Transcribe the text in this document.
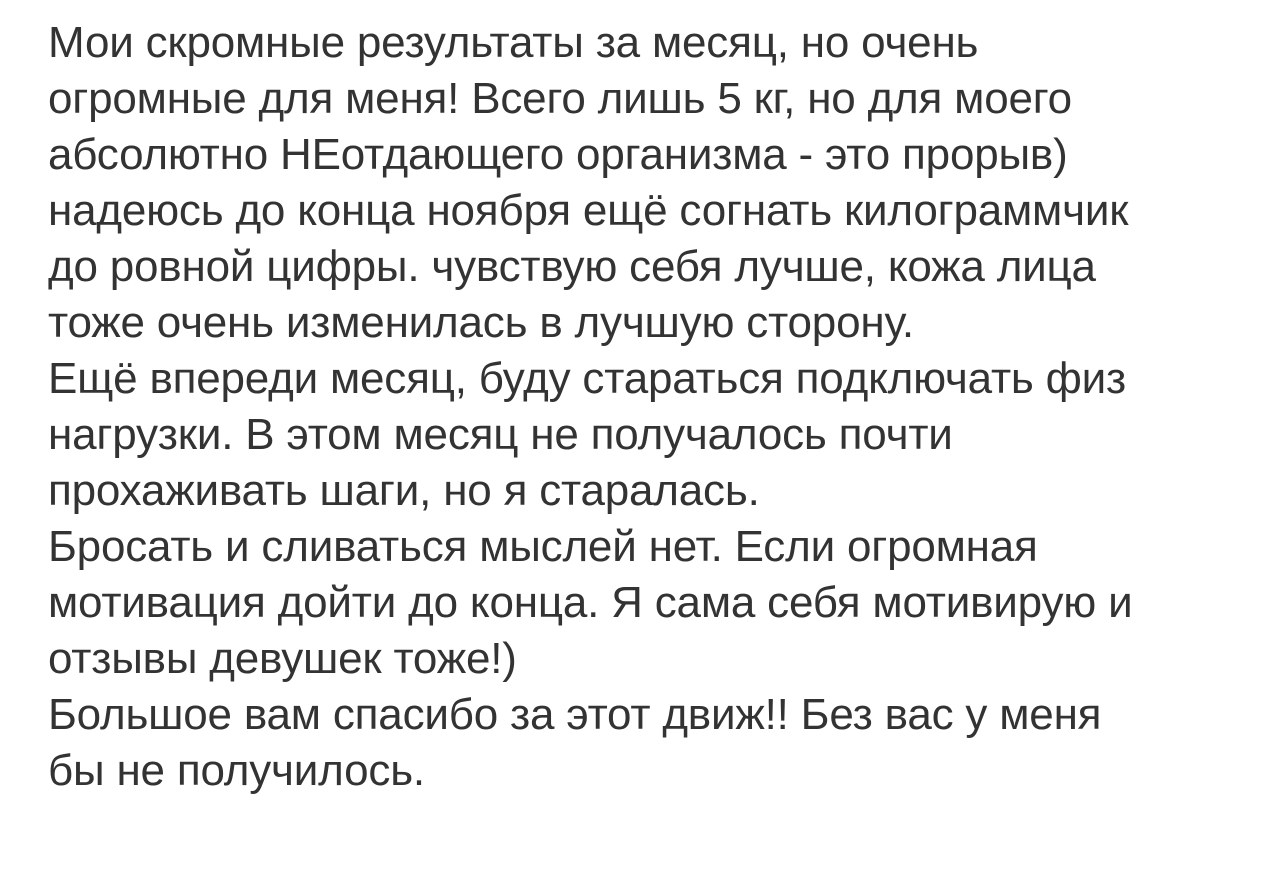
Мои скромные результаты за месяц, но очень
огромные для меня! Всего лишь 5 кг, но для моего
абсолютно НЕотдающего организма - это прорыв)
надеюсь до конца ноября ещё согнать килограммчик
до ровной цифры. чувствую себя лучше, кожа лица
тоже очень изменилась в лучшую сторону.
Ещё впереди месяц, буду стараться подключать физ
нагрузки. В этом месяц не получалось почти
прохаживать шаги, но я старалась.
Бросать и сливаться мыслей нет. Если огромная
мотивация дойти до конца. Я сама себя мотивирую и
отзывы девушек тоже!)
Большое вам спасибо за этот движ!! Без вас у меня
бы не получилось.
